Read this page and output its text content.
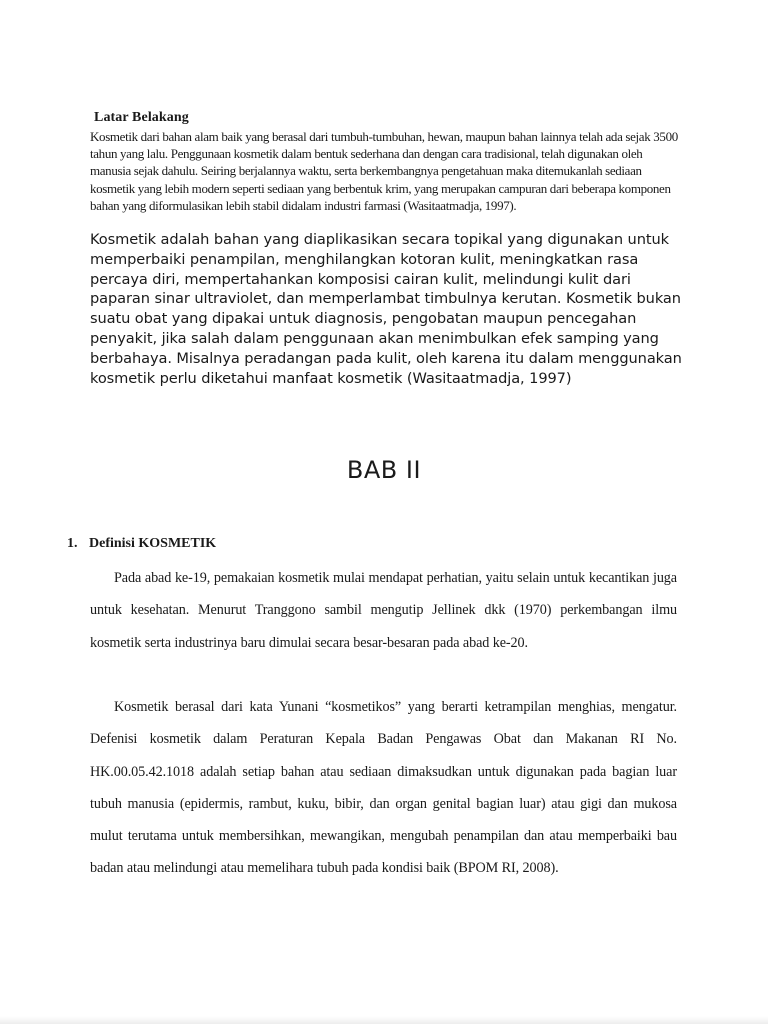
Latar Belakang
Kosmetik dari bahan alam baik yang berasal dari tumbuh-tumbuhan, hewan, maupun bahan lainnya telah ada sejak 3500 tahun yang lalu. Penggunaan kosmetik dalam bentuk sederhana dan dengan cara tradisional, telah digunakan oleh manusia sejak dahulu. Seiring berjalannya waktu, serta berkembangnya pengetahuan maka ditemukanlah sediaan kosmetik yang lebih modern seperti sediaan yang berbentuk krim, yang merupakan campuran dari beberapa komponen bahan yang diformulasikan lebih stabil didalam industri farmasi (Wasitaatmadja, 1997).
Kosmetik adalah bahan yang diaplikasikan secara topikal yang digunakan untuk memperbaiki penampilan, menghilangkan kotoran kulit, meningkatkan rasa percaya diri, mempertahankan komposisi cairan kulit, melindungi kulit dari paparan sinar ultraviolet, dan memperlambat timbulnya kerutan. Kosmetik bukan suatu obat yang dipakai untuk diagnosis, pengobatan maupun pencegahan penyakit, jika salah dalam penggunaan akan menimbulkan efek samping yang berbahaya. Misalnya peradangan pada kulit, oleh karena itu dalam menggunakan kosmetik perlu diketahui manfaat kosmetik (Wasitaatmadja, 1997)
BAB II
1. Definisi KOSMETIK
Pada abad ke-19, pemakaian kosmetik mulai mendapat perhatian, yaitu selain untuk kecantikan juga untuk kesehatan. Menurut Tranggono sambil mengutip Jellinek dkk (1970) perkembangan ilmu kosmetik serta industrinya baru dimulai secara besar-besaran pada abad ke-20.
Kosmetik berasal dari kata Yunani “kosmetikos” yang berarti ketrampilan menghias, mengatur. Defenisi kosmetik dalam Peraturan Kepala Badan Pengawas Obat dan Makanan RI No. HK.00.05.42.1018 adalah setiap bahan atau sediaan dimaksudkan untuk digunakan pada bagian luar tubuh manusia (epidermis, rambut, kuku, bibir, dan organ genital bagian luar) atau gigi dan mukosa mulut terutama untuk membersihkan, mewangikan, mengubah penampilan dan atau memperbaiki bau badan atau melindungi atau memelihara tubuh pada kondisi baik (BPOM RI, 2008).
